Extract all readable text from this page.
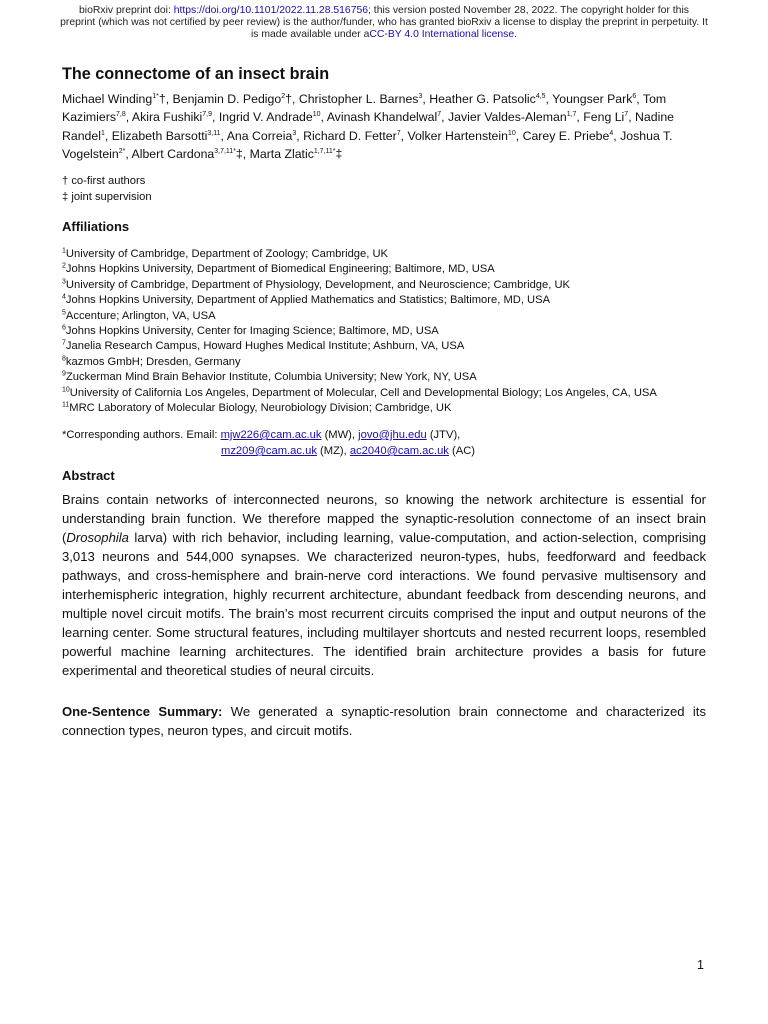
bioRxiv preprint doi: https://doi.org/10.1101/2022.11.28.516756; this version posted November 28, 2022. The copyright holder for this preprint (which was not certified by peer review) is the author/funder, who has granted bioRxiv a license to display the preprint in perpetuity. It is made available under aCC-BY 4.0 International license.
The connectome of an insect brain

Michael Winding$^{1*}$†, Benjamin D. Pedigo$^2$†, Christopher L. Barnes$^3$, Heather G. Patsolic$^{4,5}$, Youngser Park$^6$, Tom Kazimiers$^{7,8}$, Akira Fushiki$^{7,9}$, Ingrid V. Andrade$^{10}$, Avinash Khandelwal$^7$, Javier Valdes-Aleman$^{1,7}$, Feng Li$^7$, Nadine Randel$^1$, Elizabeth Barsotti$^{3,11}$, Ana Correia$^3$, Richard D. Fetter$^7$, Volker Hartenstein$^{10}$, Carey E. Priebe$^4$, Joshua T. Vogelstein$^{2*}$, Albert Cardona$^{3,7,11*}$‡, Marta Zlatic$^{1,7,11*}$‡

† co-first authors
‡ joint supervision
Affiliations
$^1$University of Cambridge, Department of Zoology; Cambridge, UK
$^2$Johns Hopkins University, Department of Biomedical Engineering; Baltimore, MD, USA
$^3$University of Cambridge, Department of Physiology, Development, and Neuroscience; Cambridge, UK
$^4$Johns Hopkins University, Department of Applied Mathematics and Statistics; Baltimore, MD, USA
$^5$Accenture; Arlington, VA, USA
$^6$Johns Hopkins University, Center for Imaging Science; Baltimore, MD, USA
$^7$Janelia Research Campus, Howard Hughes Medical Institute; Ashburn, VA, USA
$^8$kazmos GmbH; Dresden, Germany
$^9$Zuckerman Mind Brain Behavior Institute, Columbia University; New York, NY, USA
$^{10}$University of California Los Angeles, Department of Molecular, Cell and Developmental Biology; Los Angeles, CA, USA
$^{11}$MRC Laboratory of Molecular Biology, Neurobiology Division; Cambridge, UK
*Corresponding authors. Email: mjw226@cam.ac.uk (MW), jovo@jhu.edu (JTV),
mz209@cam.ac.uk (MZ), ac2040@cam.ac.uk (AC)
Abstract

Brains contain networks of interconnected neurons, so knowing the network architecture is essential for understanding brain function. We therefore mapped the synaptic-resolution connectome of an insect brain (Drosophila larva) with rich behavior, including learning, value-computation, and action-selection, comprising 3,013 neurons and 544,000 synapses. We characterized neuron-types, hubs, feedforward and feedback pathways, and cross-hemisphere and brain-nerve cord interactions. We found pervasive multisensory and interhemispheric integration, highly recurrent architecture, abundant feedback from descending neurons, and multiple novel circuit motifs. The brain’s most recurrent circuits comprised the input and output neurons of the learning center. Some structural features, including multilayer shortcuts and nested recurrent loops, resembled powerful machine learning architectures. The identified brain architecture provides a basis for future experimental and theoretical studies of neural circuits.

One-Sentence Summary: We generated a synaptic-resolution brain connectome and characterized its connection types, neuron types, and circuit motifs.

1
